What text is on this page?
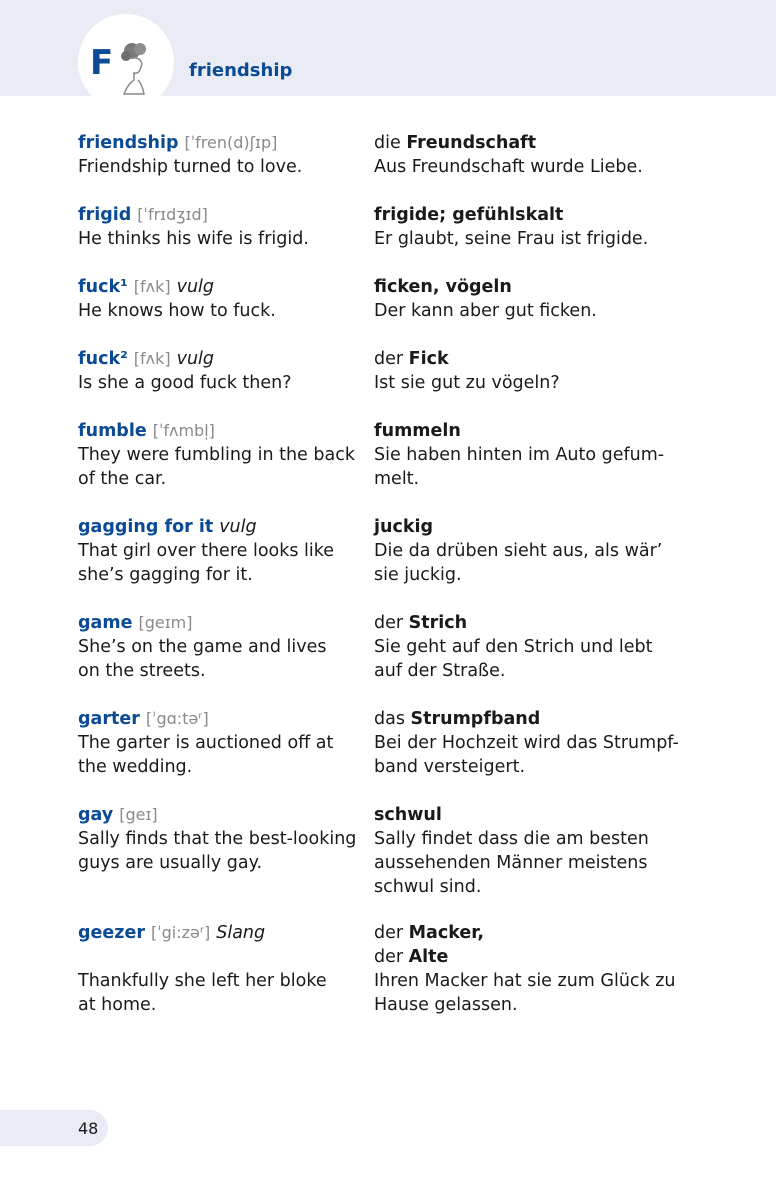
F	friendship
friendship [ˈfren(d)ʃɪp]
Friendship turned to love.
die Freundschaft
Aus Freundschaft wurde Liebe.
frigid [ˈfrɪdʒɪd]
He thinks his wife is frigid.
frigide; gefühlskalt
Er glaubt, seine Frau ist frigide.
fuck¹ [fʌk] vulg
He knows how to fuck.
ficken, vögeln
Der kann aber gut ficken.
fuck² [fʌk] vulg
Is she a good fuck then?
der Fick
Ist sie gut zu vögeln?
fumble [ˈfʌmbl̩]
They were fumbling in the back
of the car.
fummeln
Sie haben hinten im Auto gefum-
melt.
gagging for it vulg
That girl over there looks like
she’s gagging for it.
juckig
Die da drüben sieht aus, als wär’
sie juckig.
game [geɪm]
She’s on the game and lives
on the streets.
der Strich
Sie geht auf den Strich und lebt
auf der Straße.
garter [ˈgɑ:təʳ]
The garter is auctioned off at
the wedding.
das Strumpfband
Bei der Hochzeit wird das Strumpf-
band versteigert.
gay [geɪ]
Sally finds that the best-looking
guys are usually gay.
schwul
Sally findet dass die am besten
aussehenden Männer meistens
schwul sind.
geezer [ˈgi:zəʳ] Slang
Thankfully she left her bloke
at home.
der Macker,
der Alte
Ihren Macker hat sie zum Glück zu
Hause gelassen.
48
